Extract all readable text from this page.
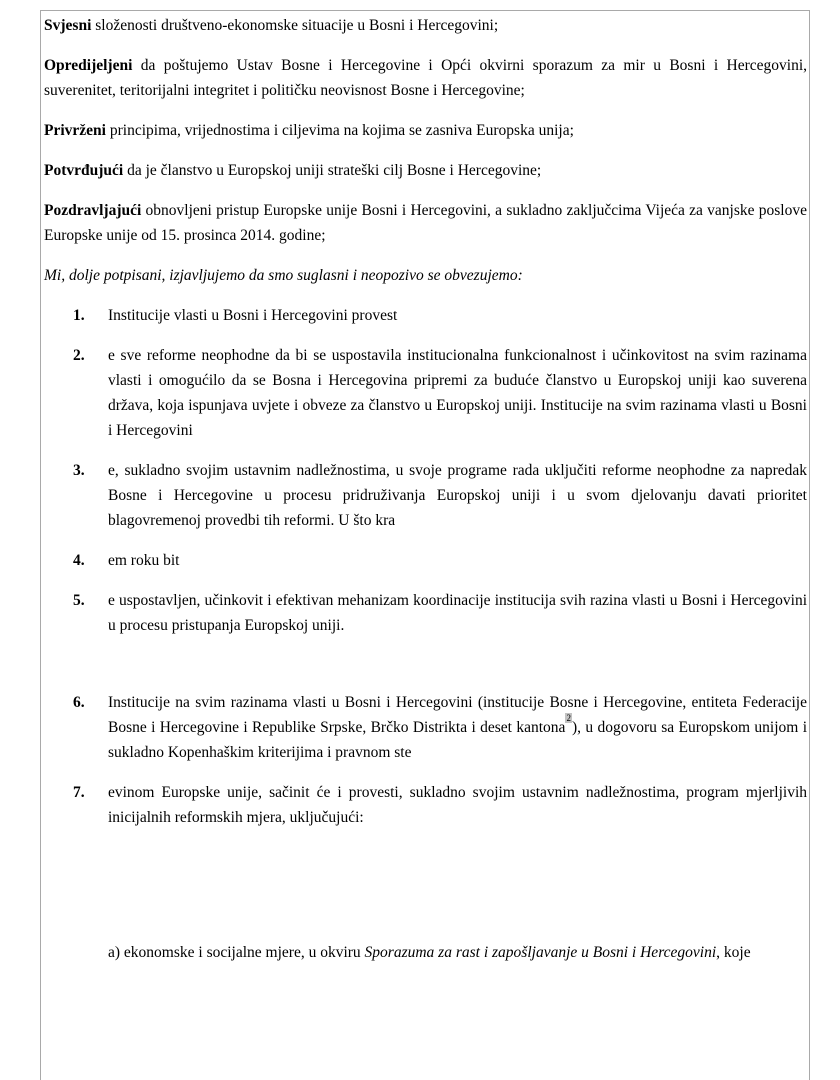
Svjesni složenosti društveno-ekonomske situacije u Bosni i Hercegovini;

Opredijeljeni da poštujemo Ustav Bosne i Hercegovine i Opći okvirni sporazum za mir u Bosni i Hercegovini, suverenitet, teritorijalni integritet i političku neovisnost Bosne i Hercegovine;

Privrženi principima, vrijednostima i ciljevima na kojima se zasniva Europska unija;

Potvrđujući da je članstvo u Europskoj uniji strateški cilj Bosne i Hercegovine;

Pozdravljajući obnovljeni pristup Europske unije Bosni i Hercegovini, a sukladno zaključcima Vijeća za vanjske poslove Europske unije od 15. prosinca 2014. godine;

Mi, dolje potpisani, izjavljujemo da smo suglasni i neopozivo se obvezujemo:

1. Institucije vlasti u Bosni i Hercegovini provest
2. e sve reforme neophodne da bi se uspostavila institucionalna funkcionalnost i učinkovitost na svim razinama vlasti i omogućilo da se Bosna i Hercegovina pripremi za buduće članstvo u Europskoj uniji kao suverena država, koja ispunjava uvjete i obveze za članstvo u Europskoj uniji. Institucije na svim razinama vlasti u Bosni i Hercegovini
3. e, sukladno svojim ustavnim nadležnostima, u svoje programe rada uključiti reforme neophodne za napredak Bosne i Hercegovine u procesu pridruživanja Europskoj uniji i u svom djelovanju davati prioritet blagovremenoj provedbi tih reformi. U što kra
4. em roku bit
5. e uspostavljen, učinkovit i efektivan mehanizam koordinacije institucija svih razina vlasti u Bosni i Hercegovini u procesu pristupanja Europskoj uniji.
6. Institucije na svim razinama vlasti u Bosni i Hercegovini (institucije Bosne i Hercegovine, entiteta Federacije Bosne i Hercegovine i Republike Srpske, Brčko Distrikta i deset kantona$^2$), u dogovoru sa Europskom unijom i sukladno Kopenhaškim kriterijima i pravnom ste
7. evinom Europske unije, sačinit će i provesti, sukladno svojim ustavnim nadležnostima, program mjerljivih inicijalnih reformskih mjera, uključujući:

a) ekonomske i socijalne mjere, u okviru Sporazuma za rast i zapošljavanje u Bosni i Hercegovini, koje
